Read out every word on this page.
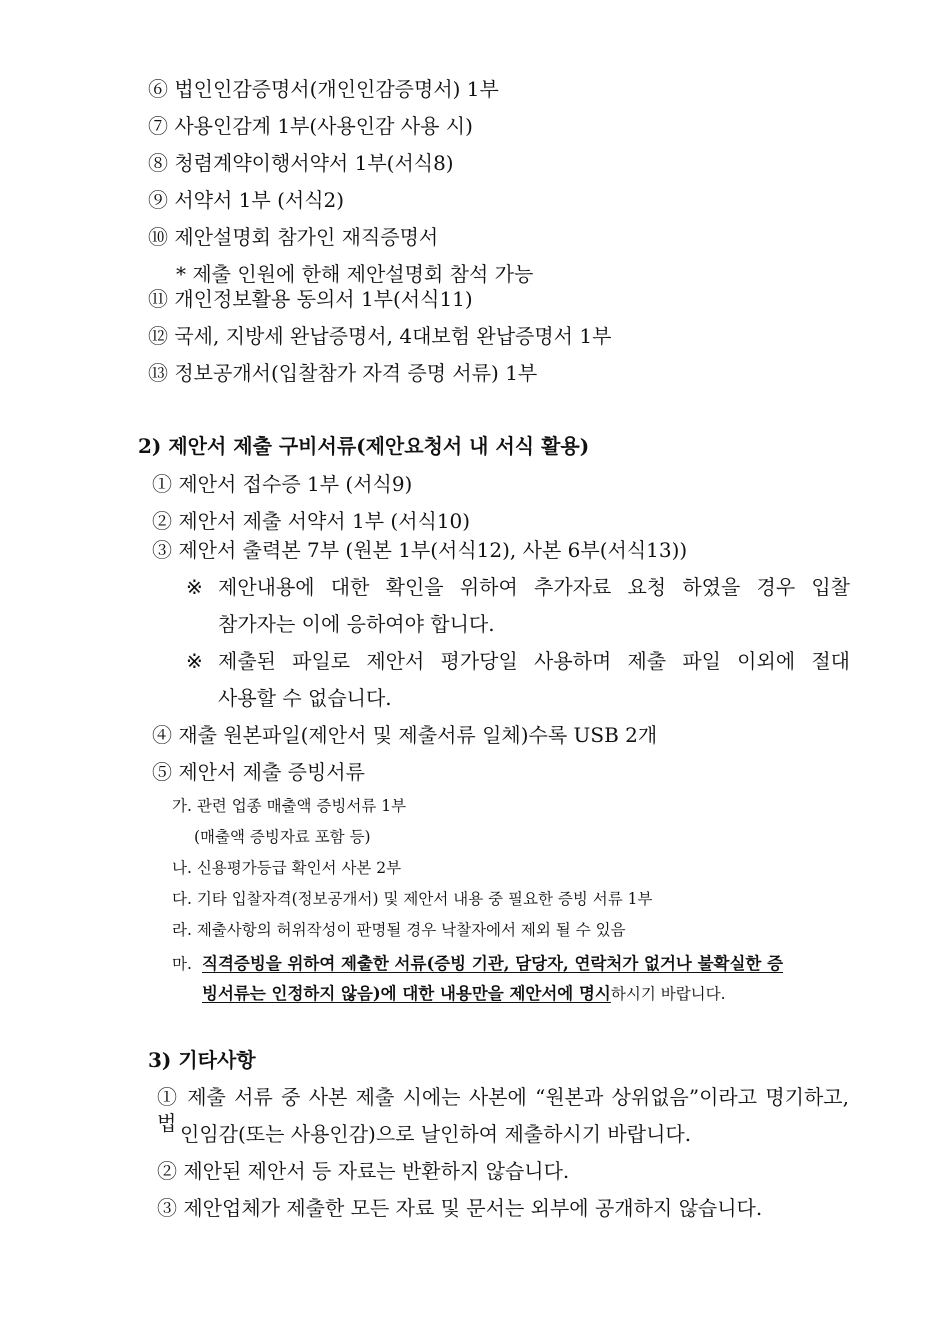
⑥ 법인인감증명서(개인인감증명서) 1부
⑦ 사용인감계 1부(사용인감 사용 시)
⑧ 청렴계약이행서약서 1부(서식8)
⑨ 서약서 1부 (서식2)
⑩ 제안설명회 참가인 재직증명서
* 제출 인원에 한해 제안설명회 참석 가능
⑪ 개인정보활용 동의서 1부(서식11)
⑫ 국세, 지방세 완납증명서, 4대보험 완납증명서 1부
⑬ 정보공개서(입찰참가 자격 증명 서류) 1부
2) 제안서 제출 구비서류(제안요청서 내 서식 활용)
① 제안서 접수증 1부 (서식9)
② 제안서 제출 서약서 1부 (서식10)
③ 제안서 출력본 7부 (원본 1부(서식12), 사본 6부(서식13))
※ 제안내용에 대한 확인을 위하여 추가자료 요청 하였을 경우 입찰
참가자는 이에 응하여야 합니다.
※ 제출된 파일로 제안서 평가당일 사용하며 제출 파일 이외에 절대
사용할 수 없습니다.
④ 재출 원본파일(제안서 및 제출서류 일체)수록 USB 2개
⑤ 제안서 제출 증빙서류
가. 관련 업종 매출액 증빙서류 1부
(매출액 증빙자료 포함 등)
나. 신용평가등급 확인서 사본 2부
다. 기타 입찰자격(정보공개서) 및 제안서 내용 중 필요한 증빙 서류 1부
라. 제출사항의 허위작성이 판명될 경우 낙찰자에서 제외 될 수 있음
마. 직격증빙을 위하여 제출한 서류(증빙 기관, 담당자, 연락처가 없거나 불확실한 증
빙서류는 인정하지 않음)에 대한 내용만을 제안서에 명시하시기 바랍니다.
3) 기타사항
① 제출 서류 중 사본 제출 시에는 사본에 “원본과 상위없음”이라고 명기하고, 법 인임감(또는 사용인감)으로 날인하여 제출하시기 바랍니다.
② 제안된 제안서 등 자료는 반환하지 않습니다.
③ 제안업체가 제출한 모든 자료 및 문서는 외부에 공개하지 않습니다.
